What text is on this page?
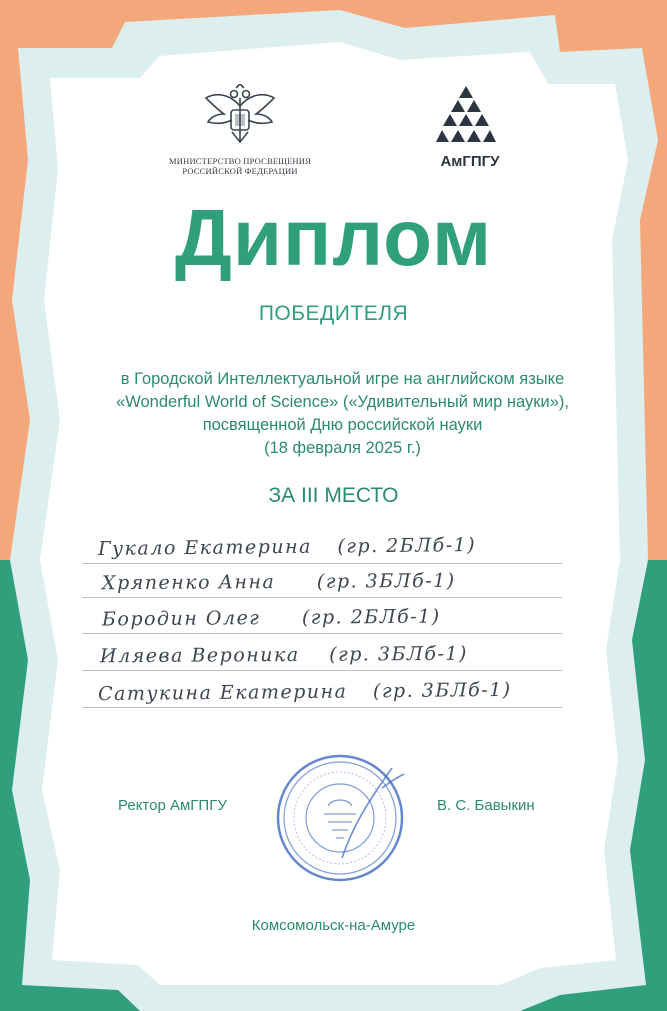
МИНИСТЕРСТВО ПРОСВЕЩЕНИЯ
РОССИЙСКОЙ ФЕДЕРАЦИИ
АмГПГУ
Диплом
ПОБЕДИТЕЛЯ
в Городской Интеллектуальной игре на английском языке
«Wonderful World of Science» («Удивительный мир науки»),
посвященной Дню российской науки
(18 февраля 2025 г.)
ЗА III МЕСТО
Гукало Екатерина (гр. 2БЛб-1)
Хряпенко Анна (гр. 3БЛб-1)
Бородин Олег (гр. 2БЛб-1)
Иляева Вероника (гр. 3БЛб-1)
Сатукина Екатерина (гр. 3БЛб-1)
Ректор АмГПГУ	В. С. Бавыкин
Комсомольск-на-Амуре
